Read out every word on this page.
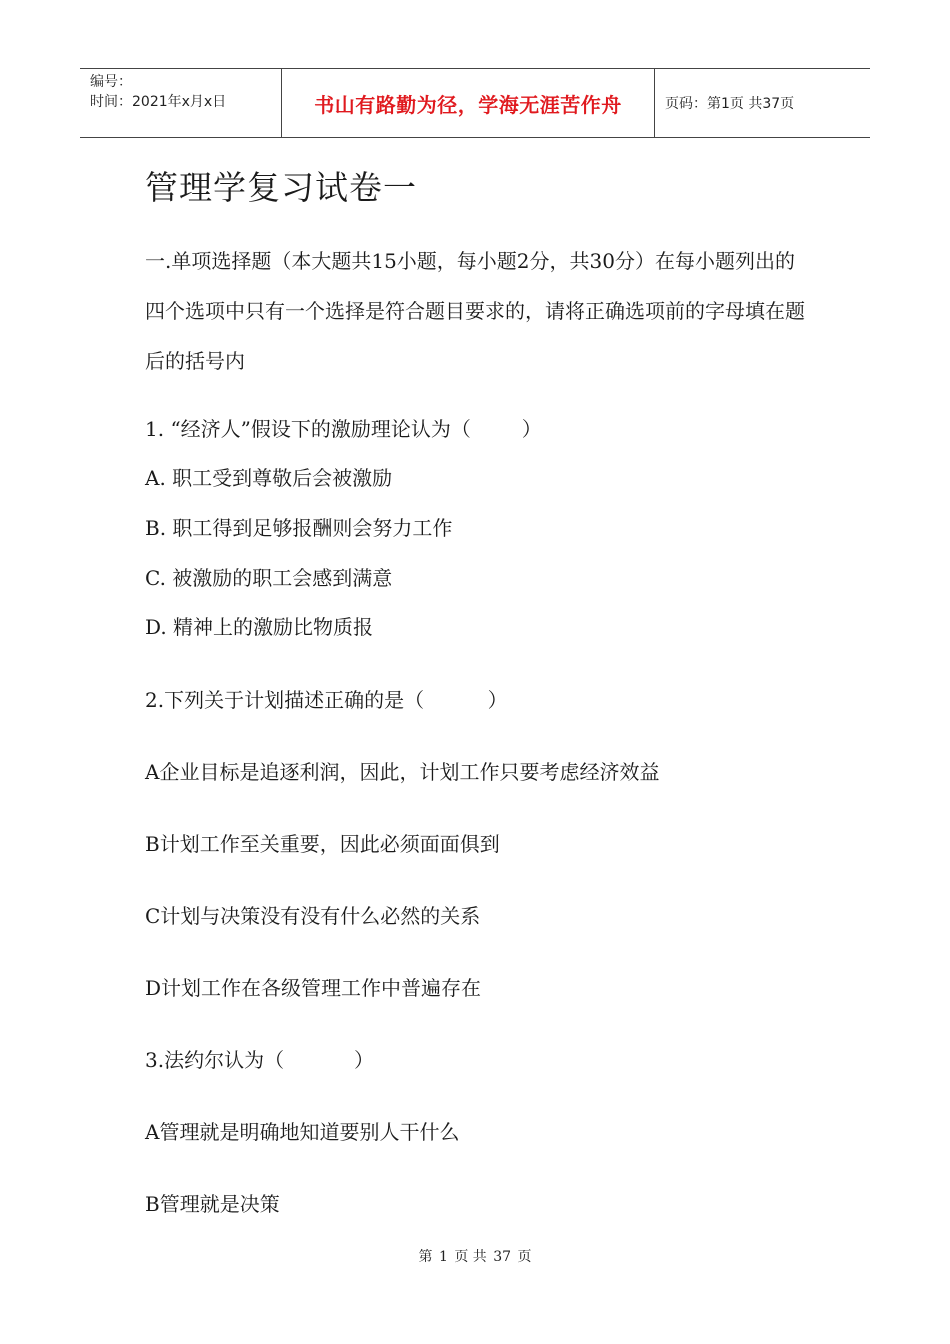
编号：
时间：2021年x月x日	书山有路勤为径，学海无涯苦作舟	页码：第1页 共37页
管理学复习试卷一

一.单项选择题（本大题共15小题，每小题2分，共30分）在每小题列出的四个选项中只有一个选择是符合题目要求的，请将正确选项前的字母填在题后的括号内

1. “经济人”假设下的激励理论认为（        ）

A. 职工受到尊敬后会被激励

B. 职工得到足够报酬则会努力工作

C. 被激励的职工会感到满意

D. 精神上的激励比物质报

2.下列关于计划描述正确的是（          ）

A企业目标是追逐利润，因此，计划工作只要考虑经济效益

B计划工作至关重要，因此必须面面俱到

C计划与决策没有没有什么必然的关系

D计划工作在各级管理工作中普遍存在

3.法约尔认为（           ）

A管理就是明确地知道要别人干什么

B管理就是决策

第 1 页 共 37 页
